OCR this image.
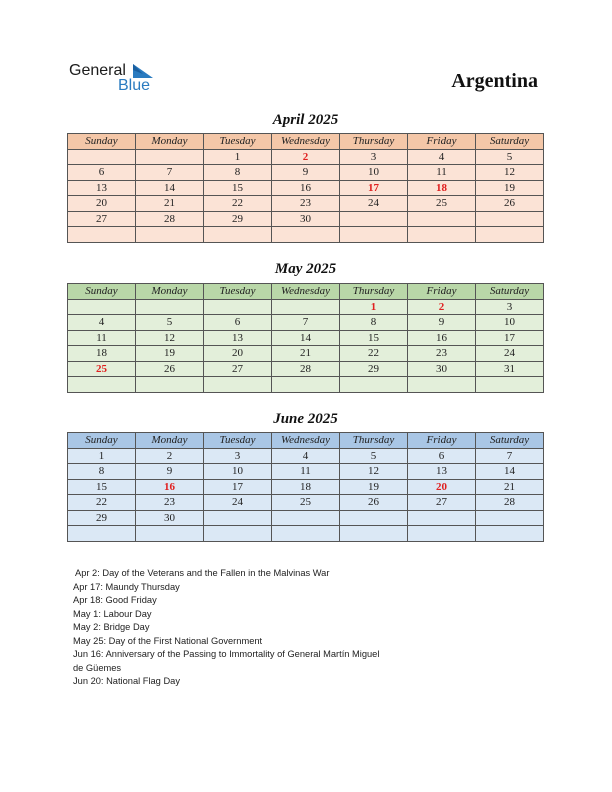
General
Blue	Argentina
April 2025
Sunday	Monday	Tuesday	Wednesday	Thursday	Friday	Saturday
		1	2	3	4	5
6	7	8	9	10	11	12
13	14	15	16	17	18	19
20	21	22	23	24	25	26
27	28	29	30			

May 2025
Sunday	Monday	Tuesday	Wednesday	Thursday	Friday	Saturday
				1	2	3
4	5	6	7	8	9	10
11	12	13	14	15	16	17
18	19	20	21	22	23	24
25	26	27	28	29	30	31

June 2025
Sunday	Monday	Tuesday	Wednesday	Thursday	Friday	Saturday
1	2	3	4	5	6	7
8	9	10	11	12	13	14
15	16	17	18	19	20	21
22	23	24	25	26	27	28
29	30					

Apr 2: Day of the Veterans and the Fallen in the Malvinas War
Apr 17: Maundy Thursday
Apr 18: Good Friday
May 1: Labour Day
May 2: Bridge Day
May 25: Day of the First National Government
Jun 16: Anniversary of the Passing to Immortality of General Martín Miguel
de Güemes
Jun 20: National Flag Day
